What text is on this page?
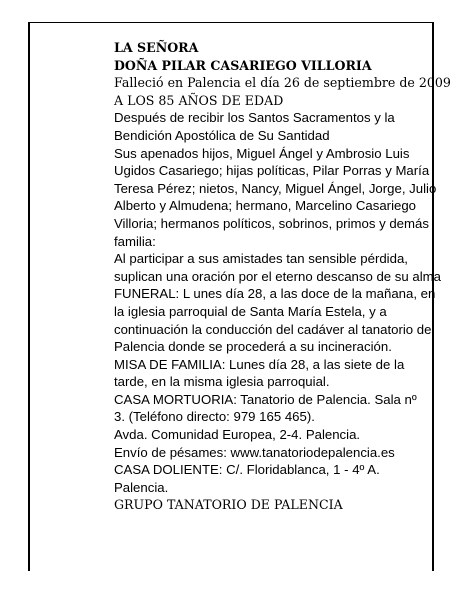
LA SEÑORA
DOÑA PILAR CASARIEGO VILLORIA
Falleció en Palencia el día 26 de septiembre de 2009
A LOS 85 AÑOS DE EDAD
Después de recibir los Santos Sacramentos y la
Bendición Apostólica de Su Santidad
Sus apenados hijos, Miguel Ángel y Ambrosio Luis
Ugidos Casariego; hijas políticas, Pilar Porras y María
Teresa Pérez; nietos, Nancy, Miguel Ángel, Jorge, Julio
Alberto y Almudena; hermano, Marcelino Casariego
Villoria; hermanos políticos, sobrinos, primos y demás
familia:
Al participar a sus amistades tan sensible pérdida,
suplican una oración por el eterno descanso de su alma
FUNERAL: L unes día 28, a las doce de la mañana, en
la iglesia parroquial de Santa María Estela, y a
continuación la conducción del cadáver al tanatorio de
Palencia donde se procederá a su incineración.
MISA DE FAMILIA: Lunes día 28, a las siete de la
tarde, en la misma iglesia parroquial.
CASA MORTUORIA: Tanatorio de Palencia. Sala nº
3. (Teléfono directo: 979 165 465).
Avda. Comunidad Europea, 2-4. Palencia.
Envío de pésames: www.tanatoriodepalencia.es
CASA DOLIENTE: C/. Floridablanca, 1 - 4º A.
Palencia.
GRUPO TANATORIO DE PALENCIA
